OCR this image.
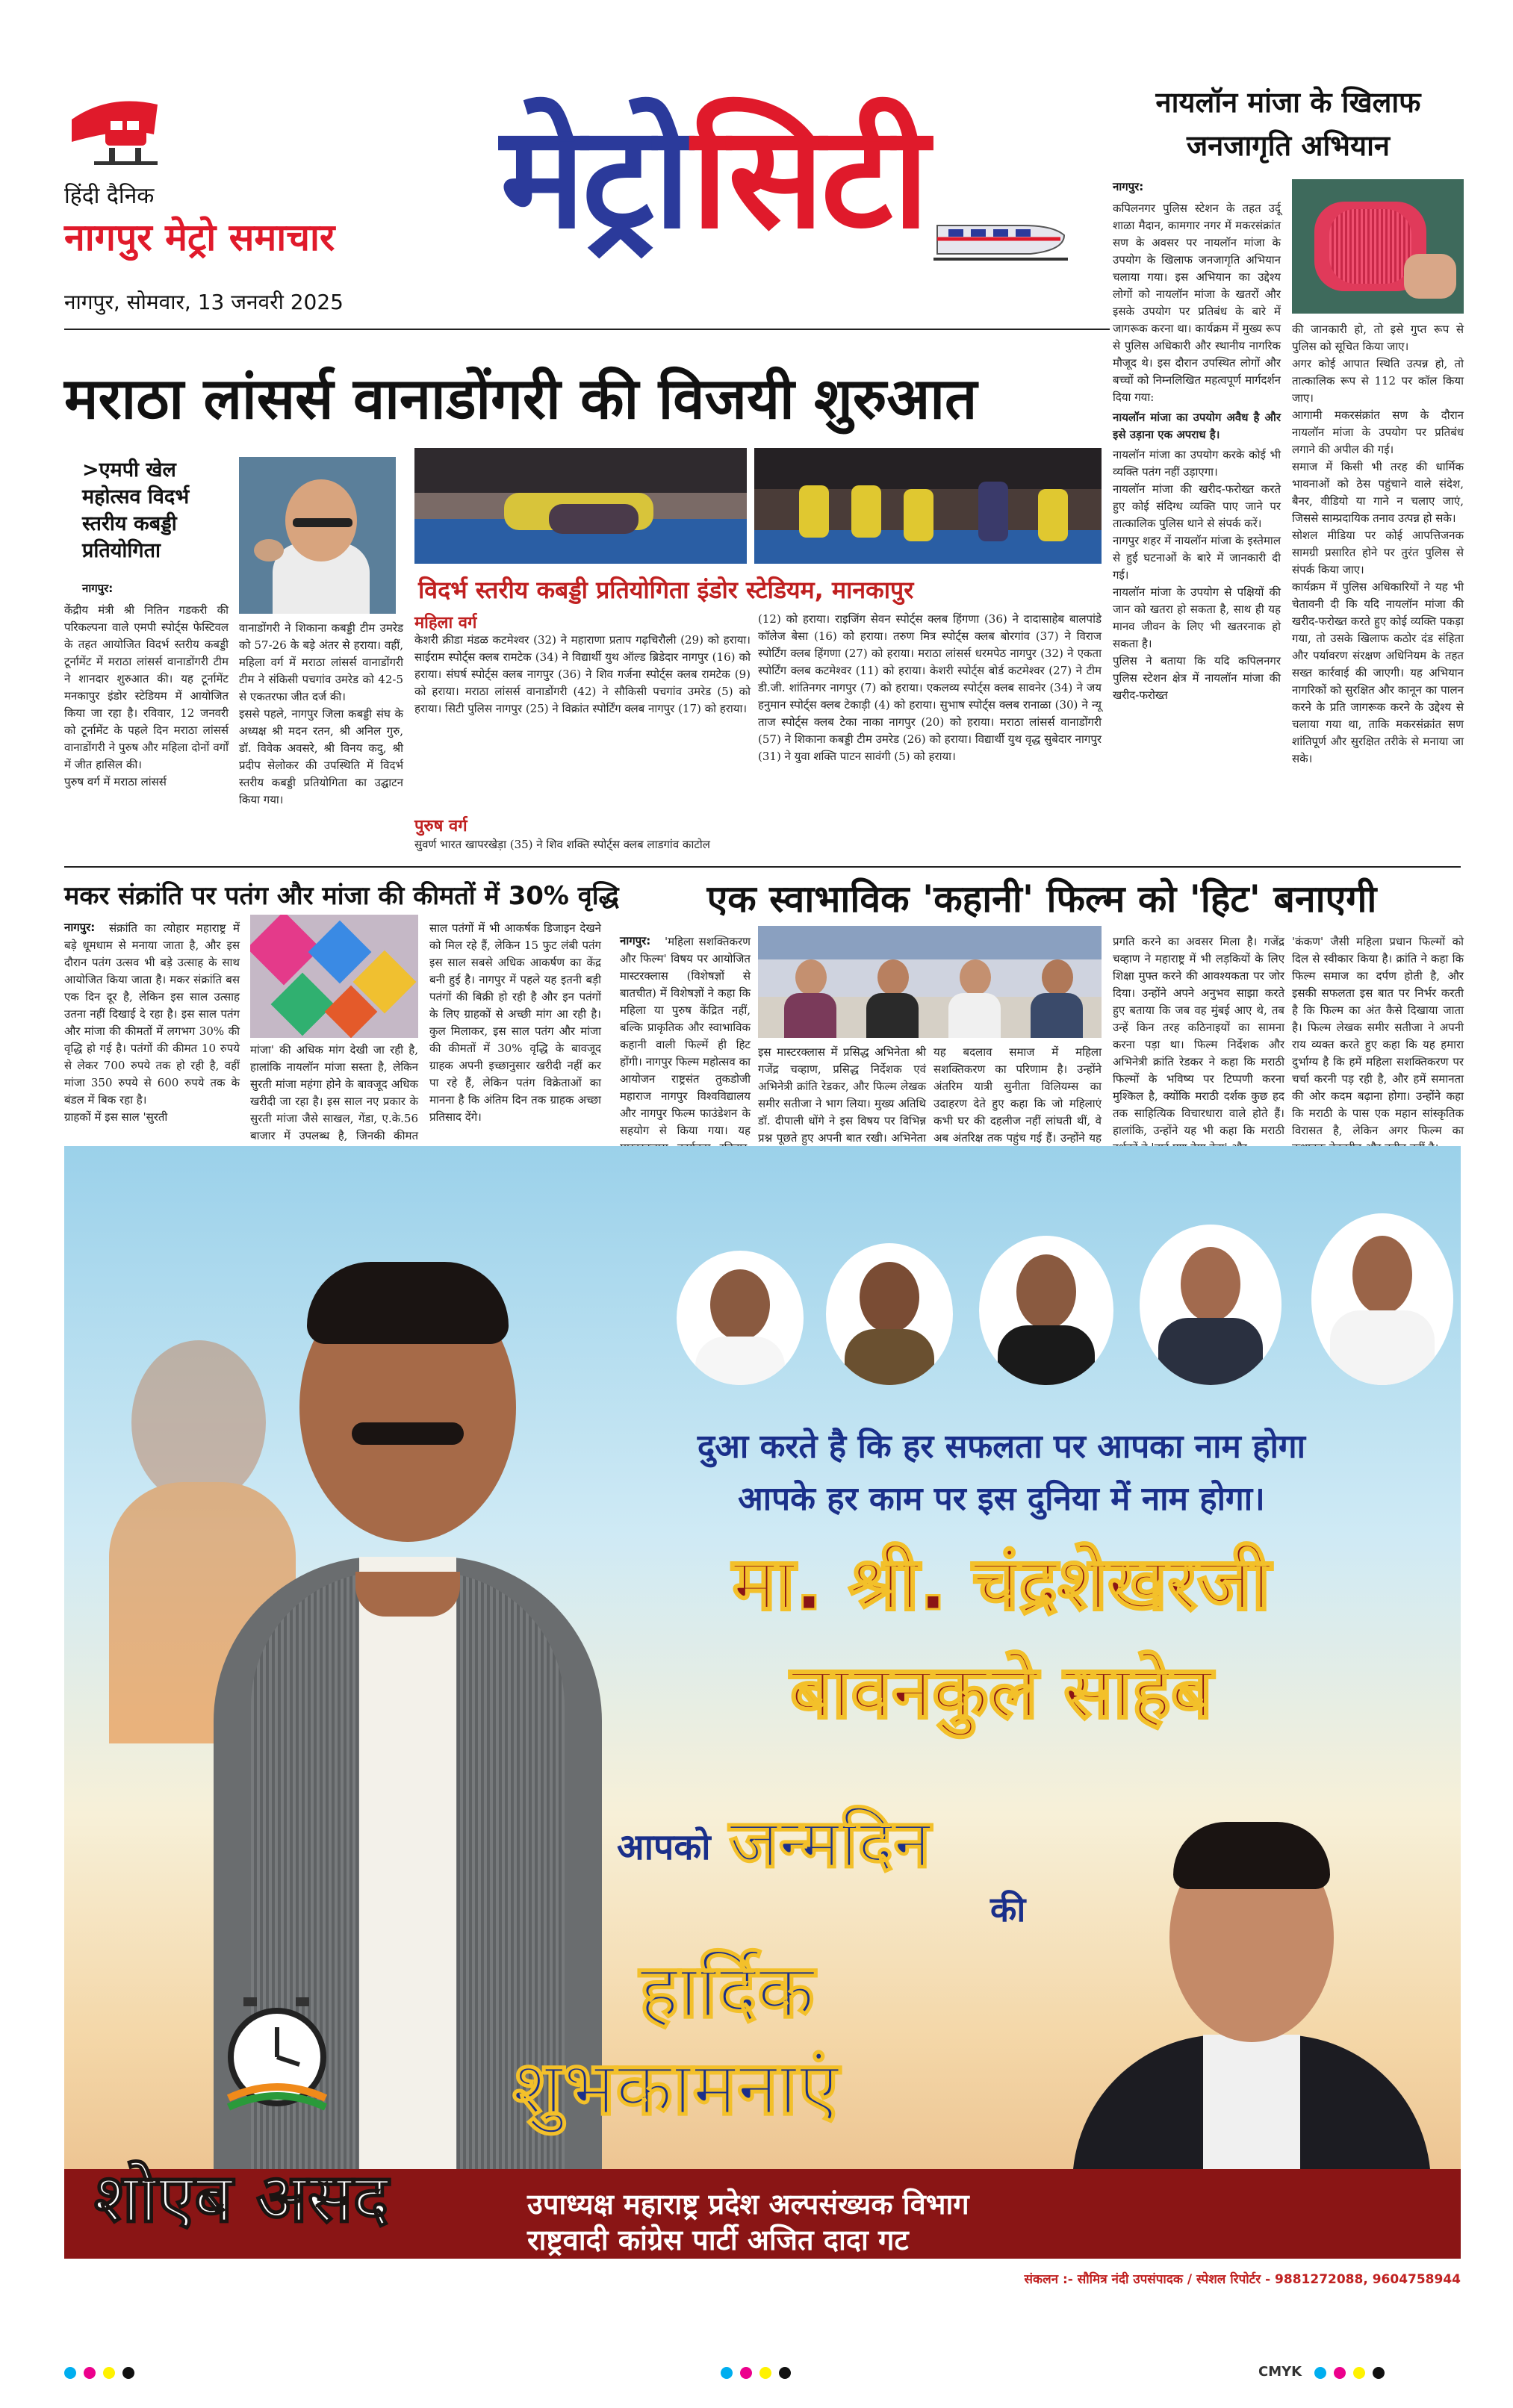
हिंदी दैनिक
नागपुर मेट्रो समाचार
नागपुर, सोमवार, 13 जनवरी 2025
मेट्रो सिटी	नायलॉन मांजा के खिलाफ
जनजागृति अभियान
नागपुर:

कपिलनगर पुलिस स्टेशन के तहत उर्दू शाळा मैदान, कामगार नगर में मकरसंक्रांत सण के अवसर पर नायलॉन मांजा के उपयोग के खिलाफ जनजागृति अभियान चलाया गया। इस अभियान का उद्देश्य लोगों को नायलॉन मांजा के खतरों और इसके उपयोग पर प्रतिबंध के बारे में जागरूक करना था। कार्यक्रम में मुख्य रूप से पुलिस अधिकारी और स्थानीय नागरिक मौजूद थे। इस दौरान उपस्थित लोगों और बच्चों को निम्नलिखित महत्वपूर्ण मार्गदर्शन दिया गया:

नायलॉन मांजा का उपयोग अवैध है और इसे उड़ाना एक अपराध है।

नायलॉन मांजा का उपयोग करके कोई भी व्यक्ति पतंग नहीं उड़ाएगा।
नायलॉन मांजा की खरीद-फरोख्त करते हुए कोई संदिग्ध व्यक्ति पाए जाने पर तात्कालिक पुलिस थाने से संपर्क करें।
नागपुर शहर में नायलॉन मांजा के इस्तेमाल से हुई घटनाओं के बारे में जानकारी दी गई।
नायलॉन मांजा के उपयोग से पक्षियों की जान को खतरा हो सकता है, साथ ही यह मानव जीवन के लिए भी खतरनाक हो सकता है।
पुलिस ने बताया कि यदि कपिलनगर पुलिस स्टेशन क्षेत्र में नायलॉन मांजा की खरीद-फरोख्त

की जानकारी हो, तो इसे गुप्त रूप से पुलिस को सूचित किया जाए।
अगर कोई आपात स्थिति उत्पन्न हो, तो तात्कालिक रूप से 112 पर कॉल किया जाए।
आगामी मकरसंक्रांत सण के दौरान नायलॉन मांजा के उपयोग पर प्रतिबंध लगाने की अपील की गई।
समाज में किसी भी तरह की धार्मिक भावनाओं को ठेस पहुंचाने वाले संदेश, बैनर, वीडियो या गाने न चलाए जाएं, जिससे साम्प्रदायिक तनाव उत्पन्न हो सके।
सोशल मीडिया पर कोई आपत्तिजनक सामग्री प्रसारित होने पर तुरंत पुलिस से संपर्क किया जाए।
कार्यक्रम में पुलिस अधिकारियों ने यह भी चेतावनी दी कि यदि नायलॉन मांजा की खरीद-फरोख्त करते हुए कोई व्यक्ति पकड़ा गया, तो उसके खिलाफ कठोर दंड संहिता और पर्यावरण संरक्षण अधिनियम के तहत सख्त कार्रवाई की जाएगी। यह अभियान नागरिकों को सुरक्षित और कानून का पालन करने के प्रति जागरूक करने के उद्देश्य से चलाया गया था, ताकि मकरसंक्रांत सण शांतिपूर्ण और सुरक्षित तरीके से मनाया जा सके।

मराठा लांसर्स वानाडोंगरी की विजयी शुरुआत
>एमपी खेल महोत्सव विदर्भ स्तरीय कबड्डी प्रतियोगिता
नागपुर:

केंद्रीय मंत्री श्री नितिन गडकरी की परिकल्पना वाले एमपी स्पोर्ट्स फेस्टिवल के तहत आयोजित विदर्भ स्तरीय कबड्डी टूर्नामेंट में मराठा लांसर्स वानाडोंगरी टीम ने शानदार शुरुआत की। यह टूर्नामेंट मनकापुर इंडोर स्टेडियम में आयोजित किया जा रहा है। रविवार, 12 जनवरी को टूर्नामेंट के पहले दिन मराठा लांसर्स वानाडोंगरी ने पुरुष और महिला दोनों वर्गों में जीत हासिल की।
पुरुष वर्ग में मराठा लांसर्स

वानाडोंगरी ने शिकाना कबड्डी टीम उमरेड को 57-26 के बड़े अंतर से हराया। वहीं, महिला वर्ग में मराठा लांसर्स वानाडोंगरी टीम ने संकिसी पचगांव उमरेड को 42-5 से एकतरफा जीत दर्ज की।
इससे पहले, नागपुर जिला कबड्डी संघ के अध्यक्ष श्री मदन रतन, श्री अनिल गुरु, डॉ. विवेक अवसरे, श्री विनय कदु, श्री प्रदीप सेलोकर की उपस्थिति में विदर्भ स्तरीय कबड्डी प्रतियोगिता का उद्घाटन किया गया।

विदर्भ स्तरीय कबड्डी प्रतियोगिता इंडोर स्टेडियम, मानकापुर
महिला वर्ग

केशरी क्रीडा मंडळ कटमेश्वर (32) ने महाराणा प्रताप गढ़चिरौली (29) को हराया। साईराम स्पोर्ट्स क्लब रामटेक (34) ने विद्यार्थी युथ ऑल्ड ब्रिडेदार नागपुर (16) को हराया। संघर्ष स्पोर्ट्स क्लब नागपुर (36) ने शिव गर्जना स्पोर्ट्स क्लब रामटेक (9) को हराया। मराठा लांसर्स वानाडोंगरी (42) ने सौकिसी पचगांव उमरेड (5) को हराया। सिटी पुलिस नागपुर (25) ने विक्रांत स्पोर्टिंग क्लब नागपुर (17) को हराया।

पुरुष वर्ग

सुवर्ण भारत खापरखेड़ा (35) ने शिव शक्ति स्पोर्ट्स क्लब लाडगांव काटोल

(12) को हराया। राइजिंग सेवन स्पोर्ट्स क्लब हिंगणा (36) ने दादासाहेब बालपांडे कॉलेज बेसा (16) को हराया। तरुण मित्र स्पोर्ट्स क्लब बोरगांव (37) ने विराज स्पोर्टिंग क्लब हिंगणा (27) को हराया। मराठा लांसर्स धरमपेठ नागपुर (32) ने एकता स्पोर्टिंग क्लब कटमेश्वर (11) को हराया। केशरी स्पोर्ट्स बोर्ड कटमेश्वर (27) ने टीम डी.जी. शांतिनगर नागपुर (7) को हराया। एकलव्य स्पोर्ट्स क्लब सावनेर (34) ने जय हनुमान स्पोर्ट्स क्लब टेकाड़ी (4) को हराया। सुभाष स्पोर्ट्स क्लब रानाळा (30) ने न्यू ताज स्पोर्ट्स क्लब टेका नाका नागपुर (20) को हराया। मराठा लांसर्स वानाडोंगरी (57) ने शिकाना कबड्डी टीम उमरेड (26) को हराया। विद्यार्थी युथ वृद्ध सुबेदार नागपुर (31) ने युवा शक्ति पाटन सावंगी (5) को हराया।

मकर संक्रांति पर पतंग और मांजा की कीमतों में 30% वृद्धि
नागपुर:	संक्रांति का त्योहार महाराष्ट्र में बड़े धूमधाम से मनाया जाता है, और इस दौरान पतंग उत्सव भी बड़े उत्साह के साथ आयोजित किया जाता है। मकर संक्रांति बस एक दिन दूर है, लेकिन इस साल उत्साह उतना नहीं दिखाई दे रहा है। इस साल पतंग और मांजा की कीमतों में लगभग 30% की वृद्धि हो गई है। पतंगों की कीमत 10 रुपये से लेकर 700 रुपये तक हो रही है, वहीं मांजा 350 रुपये से 600 रुपये तक के बंडल में बिक रहा है।
ग्राहकों में इस साल 'सुरती

मांजा' की अधिक मांग देखी जा रही है, हालांकि नायलॉन मांजा सस्ता है, लेकिन सुरती मांजा महंगा होने के बावजूद अधिक खरीदी जा रहा है। इस साल नए प्रकार के सुरती मांजा जैसे साखल, गेंडा, ए.के.56 बाजार में उपलब्ध है, जिनकी कीमत

साल पतंगों में भी आकर्षक डिजाइन देखने को मिल रहे हैं, लेकिन 15 फुट लंबी पतंग इस साल सबसे अधिक आकर्षण का केंद्र बनी हुई है। नागपुर में पहले यह इतनी बड़ी पतंगों की बिक्री हो रही है और इन पतंगों के लिए ग्राहकों से अच्छी मांग आ रही है। कुल मिलाकर, इस साल पतंग और मांजा की कीमतों में 30% वृद्धि के बावजूद ग्राहक अपनी इच्छानुसार खरीदी नहीं कर पा रहे हैं, लेकिन पतंग विक्रेताओं का मानना है कि अंतिम दिन तक ग्राहक अच्छा प्रतिसाद देंगे।

एक स्वाभाविक 'कहानी' फिल्म को 'हिट' बनाएगी
नागपुर:	'महिला सशक्तिकरण और फिल्म' विषय पर आयोजित मास्टरक्लास (विशेषज्ञों से बातचीत) में विशेषज्ञों ने कहा कि महिला या पुरुष केंद्रित नहीं, बल्कि प्राकृतिक और स्वाभाविक कहानी वाली फिल्में ही हिट होंगी। नागपुर फिल्म महोत्सव का आयोजन राष्ट्रसंत तुकडोजी महाराज नागपुर विश्वविद्यालय और नागपुर फिल्म फाउंडेशन के सहयोग से किया गया। यह

इस मास्टरक्लास में प्रसिद्ध अभिनेता श्री गजेंद्र चव्हाण, प्रसिद्ध निर्देशक एवं अभिनेत्री क्रांति रेडकर, और फिल्म लेखक समीर सतीजा ने भाग लिया। मुख्य अतिथि डॉ. दीपाली धोंगे ने इस विषय पर विभिन्न प्रश्न पूछते हुए अपनी बात रखी। अभिनेता

यह बदलाव समाज में महिला सशक्तिकरण का परिणाम है। उन्होंने अंतरिम यात्री सुनीता विलियम्स का उदाहरण देते हुए कहा कि जो महिलाएं कभी घर की दहलीज नहीं लांघती थीं, वे अब अंतरिक्ष तक पहुंच गई हैं। उन्होंने यह

प्रगति करने का अवसर मिला है। गजेंद्र चव्हाण ने महाराष्ट्र में भी लड़कियों के लिए शिक्षा मुफ्त करने की आवश्यकता पर जोर दिया। उन्होंने अपने अनुभव साझा करते हुए बताया कि जब वह मुंबई आए थे, तब उन्हें किन तरह कठिनाइयों का सामना करना पड़ा था। फिल्म निर्देशक और अभिनेत्री क्रांति रेडकर ने कहा कि मराठी फिल्मों के भविष्य पर टिप्पणी करना मुश्किल है, क्योंकि मराठी दर्शक कुछ हद तक साहित्यिक विचारधारा वाले होते हैं। हालांकि, उन्होंने यह भी कहा कि मराठी

'कंकण' जैसी महिला प्रधान फिल्मों को दिल से स्वीकार किया है। क्रांति ने कहा कि फिल्म समाज का दर्पण होती है, और इसकी सफलता इस बात पर निर्भर करती है कि फिल्म का अंत कैसे दिखाया जाता है। फिल्म लेखक समीर सतीजा ने अपनी राय व्यक्त करते हुए कहा कि यह हमारा दुर्भाग्य है कि हमें महिला सशक्तिकरण पर चर्चा करनी पड़ रही है, और हमें समानता की ओर कदम बढ़ाना होगा। उन्होंने कहा कि मराठी के पास एक महान सांस्कृतिक विरासत है, लेकिन अगर फिल्म का

दुआ करते है कि हर सफलता पर आपका नाम होगा
आपके हर काम पर इस दुनिया में नाम होगा।
मा. श्री. चंद्रशेखरजी
बावनकुले साहेब
आपको जन्मदिन
की
हार्दिक
शुभकामनाएं
शोएब असद	उपाध्यक्ष महाराष्ट्र प्रदेश अल्पसंख्यक विभाग
राष्ट्रवादी कांग्रेस पार्टी अजित दादा गट
संकलन :- सौमित्र नंदी उपसंपादक / स्पेशल रिपोर्टर - 9881272088, 9604758944
CMYK
